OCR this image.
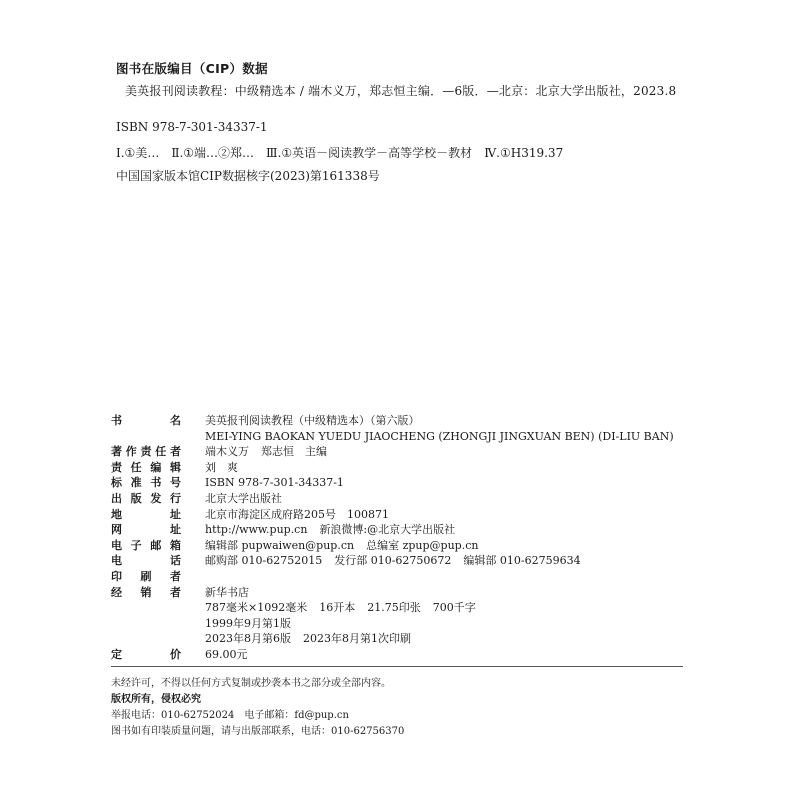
图书在版编目（CIP）数据
美英报刊阅读教程：中级精选本 / 端木义万，郑志恒主编．—6版．—北京：北京大学出版社，2023.8
ISBN 978-7-301-34337-1
Ⅰ.①美…　Ⅱ.①端…②郑…　Ⅲ.①英语－阅读教学－高等学校－教材　Ⅳ.①H319.37
中国国家版本馆CIP数据核字(2023)第161338号
书	名 美英报刊阅读教程（中级精选本）（第六版）
MEI-YING BAOKAN YUEDU JIAOCHENG (ZHONGJI JINGXUAN BEN) (DI-LIU BAN)
著 作 责 任 者 端木义万 郑志恒　主编
责 任 编 辑 刘　爽
标 准 书 号 ISBN 978-7-301-34337-1
出 版 发 行 北京大学出版社
地	址 北京市海淀区成府路205号　100871
网	址 http://www.pup.cn 新浪微博:@北京大学出版社
电 子 邮 箱 编辑部 pupwaiwen@pup.cn 总编室 zpup@pup.cn
电	话 邮购部 010-62752015 发行部 010-62750672 编辑部 010-62759634
印 刷 者
经 销 者 新华书店
787毫米×1092毫米 16开本 21.75印张 700千字
1999年9月第1版
2023年8月第6版 2023年8月第1次印刷
定	价 69.00元
未经许可，不得以任何方式复制或抄袭本书之部分或全部内容。
版权所有，侵权必究
举报电话：010-62752024　电子邮箱：fd@pup.cn
图书如有印装质量问题，请与出版部联系，电话：010-62756370
